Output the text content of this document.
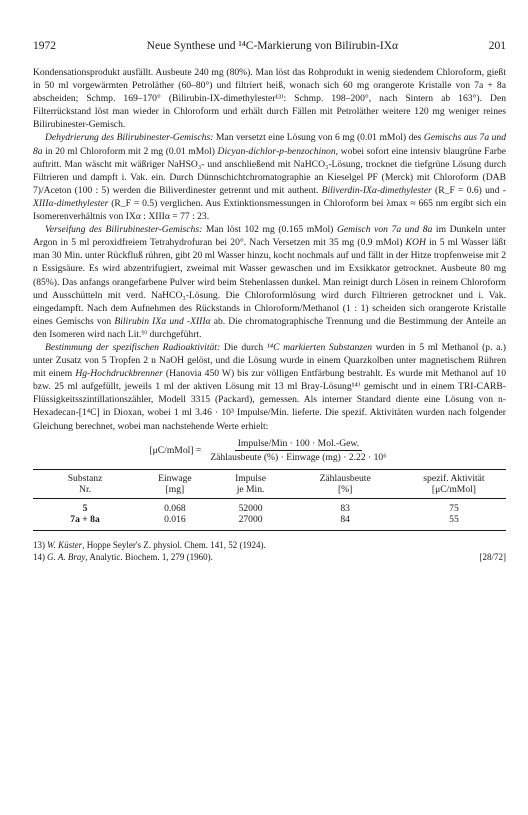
1972	Neue Synthese und ¹⁴C-Markierung von Bilirubin-IXα	201

Kondensationsprodukt ausfällt. Ausbeute 240 mg (80%). Man löst das Rohprodukt in wenig siedendem Chloroform, gießt in 50 ml vorgewärmten Petroläther (60–80°) und filtriert heiß, wonach sich 60 mg orangerote Kristalle von 7a + 8a abscheiden; Schmp. 169–170° (Bilirubin-IX-dimethylester¹³⁾: Schmp. 198–200°, nach Sintern ab 163°). Den Filterrückstand löst man wieder in Chloroform und erhält durch Fällen mit Petroläther weitere 120 mg weniger reines Bilirubinester-Gemisch.

Dehydrierung des Bilirubinester-Gemischs: Man versetzt eine Lösung von 6 mg (0.01 mMol) des Gemischs aus 7a und 8a in 20 ml Chloroform mit 2 mg (0.01 mMol) Dicyan-dichlor-p-benzochinon, wobei sofort eine intensiv blaugrüne Farbe auftritt. Man wäscht mit wäßriger NaHSO₃- und anschließend mit NaHCO₃-Lösung, trocknet die tiefgrüne Lösung durch Filtrieren und dampft i. Vak. ein. Durch Dünnschichtchromatographie an Kieselgel PF (Merck) mit Chloroform (DAB 7)/Aceton (100 : 5) werden die Biliverdinester getrennt und mit authent. Biliverdin-IXα-dimethylester (R_F = 0.6) und -XIIIα-dimethylester (R_F = 0.5) verglichen. Aus Extinktionsmessungen in Chloroform bei λmax ≈ 665 nm ergibt sich ein Isomerenverhältnis von IXα : XIIIα = 77 : 23.

Verseifung des Bilirubinester-Gemischs: Man löst 102 mg (0.165 mMol) Gemisch von 7a und 8a im Dunkeln unter Argon in 5 ml peroxidfreiem Tetrahydrofuran bei 20°. Nach Versetzen mit 35 mg (0.9 mMol) KOH in 5 ml Wasser läßt man 30 Min. unter Rückfluß rühren, gibt 20 ml Wasser hinzu, kocht nochmals auf und fällt in der Hitze tropfenweise mit 2 n Essigsäure. Es wird abzentrifugiert, zweimal mit Wasser gewaschen und im Exsikkator getrocknet. Ausbeute 80 mg (85%). Das anfangs orangefarbene Pulver wird beim Stehenlassen dunkel. Man reinigt durch Lösen in reinem Chloroform und Ausschütteln mit verd. NaHCO₃-Lösung. Die Chloroformlösung wird durch Filtrieren getrocknet und i. Vak. eingedampft. Nach dem Aufnehmen des Rückstands in Chloroform/Methanol (1 : 1) scheiden sich orangerote Kristalle eines Gemischs von Bilirubin IXα und -XIIIα ab. Die chromatographische Trennung und die Bestimmung der Anteile an den Isomeren wird nach Lit.⁹⁾ durchgeführt.

Bestimmung der spezifischen Radioaktivität: Die durch ¹⁴C markierten Substanzen wurden in 5 ml Methanol (p. a.) unter Zusatz von 5 Tropfen 2 n NaOH gelöst, und die Lösung wurde in einem Quarzkolben unter magnetischem Rühren mit einem Hg-Hochdruckbrenner (Hanovia 450 W) bis zur völligen Entfärbung bestrahlt. Es wurde mit Methanol auf 10 bzw. 25 ml aufgefüllt, jeweils 1 ml der aktiven Lösung mit 13 ml Bray-Lösung¹⁴⁾ gemischt und in einem TRI-CARB-Flüssigkeitsszintillationszähler, Modell 3315 (Packard), gemessen. Als interner Standard diente eine Lösung von n-Hexadecan-[1⁴C] in Dioxan, wobei 1 ml 3.46 · 10³ Impulse/Min. lieferte. Die spezif. Aktivitäten wurden nach folgender Gleichung berechnet, wobei man nachstehende Werte erhielt:

[μC/mMol] = $\frac{\text{Impulse/Min · 100 · Mol.-Gew.}}{\text{Zählausbeute (\%) · Einwage (mg) · 2.22 · 10⁶}}$
Substanz	Einwage	Impulse	Zählausbeute	spezif. Aktivität
Nr.	[mg]	je Min.	[%]	[μC/mMol]
5	0.068	52000	83	75
7a + 8a	0.016	27000	84	55
13) W. Küster, Hoppe Seyler's Z. physiol. Chem. 141, 52 (1924).
14) G. A. Bray, Analytic. Biochem. 1, 279 (1960).	[28/72]
